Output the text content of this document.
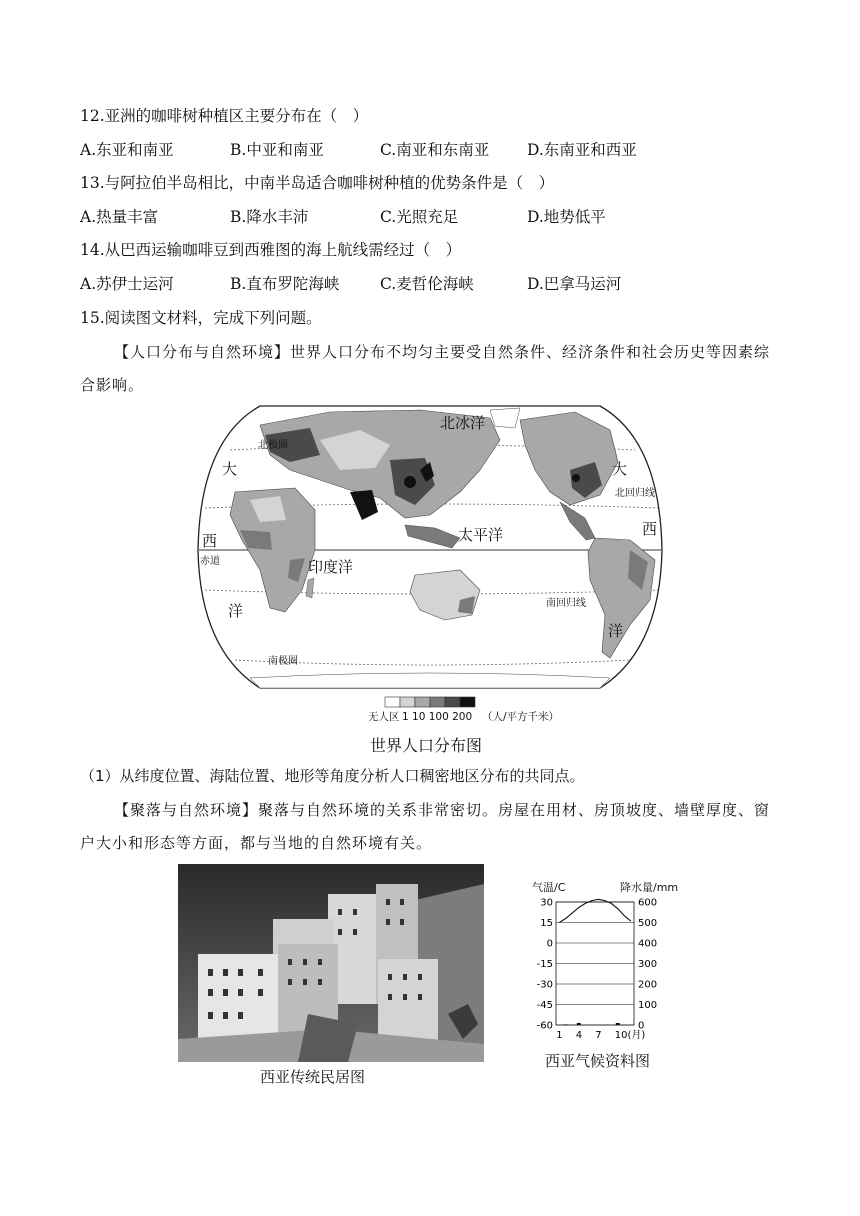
12.亚洲的咖啡树种植区主要分布在（　）
A.东亚和南亚	B.中亚和南亚	C.南亚和东南亚 D.东南亚和西亚
13.与阿拉伯半岛相比，中南半岛适合咖啡树种植的优势条件是（　）
A.热量丰富	B.降水丰沛	C.光照充足	D.地势低平
14.从巴西运输咖啡豆到西雅图的海上航线需经过（　）
A.苏伊士运河	B.直布罗陀海峡	C.麦哲伦海峡	D.巴拿马运河
15.阅读图文材料，完成下列问题。
【人口分布与自然环境】世界人口分布不均匀主要受自然条件、经济条件和社会历史等因素综合影响。
北冰洋
北极圈
北回归线
赤道
南回归线
南极圈
太平洋
印度洋
大
西
洋
大
西
洋
无人区 1 10 100 200 （人/平方千米）
世界人口分布图
（1）从纬度位置、海陆位置、地形等角度分析人口稠密地区分布的共同点。
【聚落与自然环境】聚落与自然环境的关系非常密切。房屋在用材、房顶坡度、墙壁厚度、窗户大小和形态等方面，都与当地的自然环境有关。
西亚传统民居图
气温/C	降水量/mm
30
15
0
-15
-30
-45
-60
600
500
400
300
200
100
0
1 4 7 10(月)
西亚气候资料图
